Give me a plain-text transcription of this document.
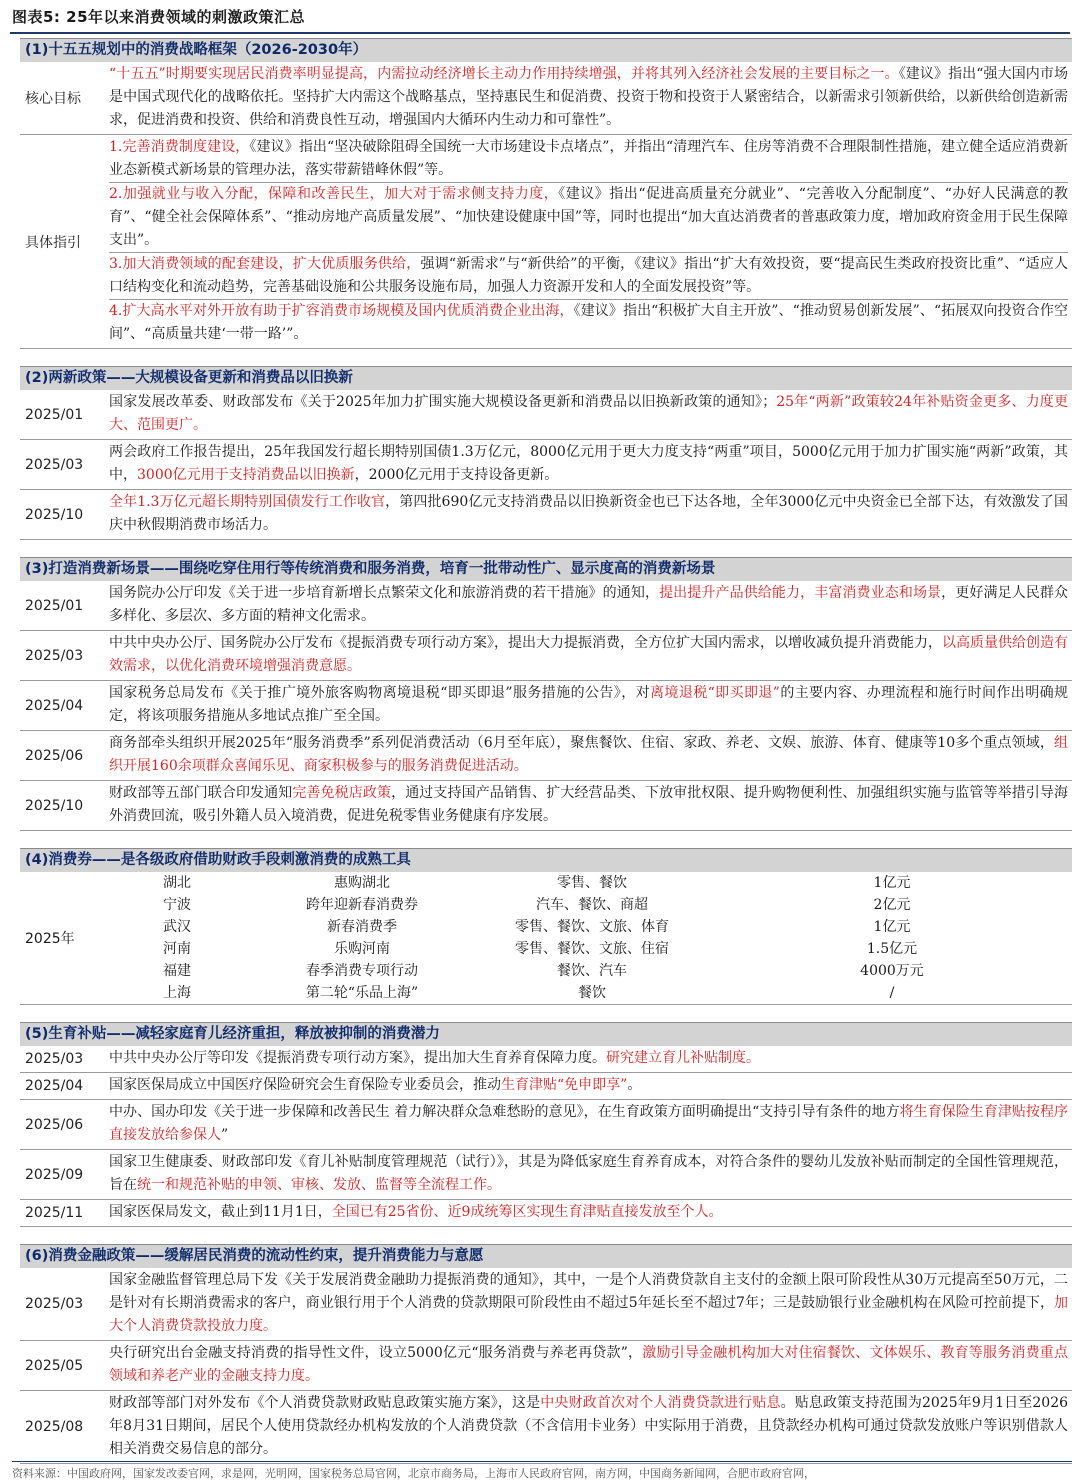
图表5: 25年以来消费领域的刺激政策汇总
(1)十五五规划中的消费战略框架（2026-2030年）
核心目标
“十五五”时期要实现居民消费率明显提高，内需拉动经济增长主动力作用持续增强，并将其列入经济社会发展的主要目标之一。《建议》指出“强大国内市场是中国式现代化的战略依托。坚持扩大内需这个战略基点，坚持惠民生和促消费、投资于物和投资于人紧密结合，以新需求引领新供给，以新供给创造新需求，促进消费和投资、供给和消费良性互动，增强国内大循环内生动力和可靠性”。
具体指引
1.完善消费制度建设，《建议》指出“坚决破除阻碍全国统一大市场建设卡点堵点”，并指出“清理汽车、住房等消费不合理限制性措施，建立健全适应消费新业态新模式新场景的管理办法，落实带薪错峰休假”等。
2.加强就业与收入分配，保障和改善民生，加大对于需求侧支持力度，《建议》指出“促进高质量充分就业”、“完善收入分配制度”、“办好人民满意的教育”、“健全社会保障体系”、“推动房地产高质量发展”、“加快建设健康中国”等，同时也提出“加大直达消费者的普惠政策力度，增加政府资金用于民生保障支出”。
3.加大消费领域的配套建设，扩大优质服务供给，强调“新需求”与“新供给”的平衡，《建议》指出“扩大有效投资，要“提高民生类政府投资比重”、“适应人口结构变化和流动趋势，完善基础设施和公共服务设施布局，加强人力资源开发和人的全面发展投资”等。
4.扩大高水平对外开放有助于扩容消费市场规模及国内优质消费企业出海，《建议》指出“积极扩大自主开放”、“推动贸易创新发展”、“拓展双向投资合作空间”、“高质量共建‘一带一路’”。
(2)两新政策——大规模设备更新和消费品以旧换新
2025/01
国家发展改革委、财政部发布《关于2025年加力扩围实施大规模设备更新和消费品以旧换新政策的通知》；25年“两新”政策较24年补贴资金更多、力度更大、范围更广。
2025/03
两会政府工作报告提出，25年我国发行超长期特别国债1.3万亿元，8000亿元用于更大力度支持“两重”项目，5000亿元用于加力扩围实施“两新”政策，其中，3000亿元用于支持消费品以旧换新，2000亿元用于支持设备更新。
2025/10
全年1.3万亿元超长期特别国债发行工作收官，第四批690亿元支持消费品以旧换新资金也已下达各地，全年3000亿元中央资金已全部下达，有效激发了国庆中秋假期消费市场活力。
(3)打造消费新场景——围绕吃穿住用行等传统消费和服务消费，培育一批带动性广、显示度高的消费新场景
2025/01
国务院办公厅印发《关于进一步培育新增长点繁荣文化和旅游消费的若干措施》的通知，提出提升产品供给能力，丰富消费业态和场景，更好满足人民群众多样化、多层次、多方面的精神文化需求。
2025/03
中共中央办公厅、国务院办公厅发布《提振消费专项行动方案》，提出大力提振消费，全方位扩大国内需求，以增收减负提升消费能力，以高质量供给创造有效需求，以优化消费环境增强消费意愿。
2025/04
国家税务总局发布《关于推广境外旅客购物离境退税“即买即退”服务措施的公告》，对离境退税“即买即退”的主要内容、办理流程和施行时间作出明确规定，将该项服务措施从多地试点推广至全国。
2025/06
商务部牵头组织开展2025年“服务消费季”系列促消费活动（6月至年底），聚焦餐饮、住宿、家政、养老、文娱、旅游、体育、健康等10多个重点领域，组织开展160余项群众喜闻乐见、商家积极参与的服务消费促进活动。
2025/10
财政部等五部门联合印发通知完善免税店政策，通过支持国产品销售、扩大经营品类、下放审批权限、提升购物便利性、加强组织实施与监管等举措引导海外消费回流，吸引外籍人员入境消费，促进免税零售业务健康有序发展。
(4)消费券——是各级政府借助财政手段刺激消费的成熟工具
2025年
湖北	惠购湖北	零售、餐饮	1亿元
宁波	跨年迎新春消费券	汽车、餐饮、商超	2亿元
武汉	新春消费季	零售、餐饮、文旅、体育	1亿元
河南	乐购河南	零售、餐饮、文旅、住宿	1.5亿元
福建	春季消费专项行动	餐饮、汽车	4000万元
上海	第二轮“乐品上海”	餐饮	/
(5)生育补贴——减轻家庭育儿经济重担，释放被抑制的消费潜力
2025/03	中共中央办公厅等印发《提振消费专项行动方案》，提出加大生育养育保障力度。研究建立育儿补贴制度。
2025/04	国家医保局成立中国医疗保险研究会生育保险专业委员会，推动生育津贴“免申即享”。
2025/06
中办、国办印发《关于进一步保障和改善民生 着力解决群众急难愁盼的意见》，在生育政策方面明确提出“支持引导有条件的地方将生育保险生育津贴按程序直接发放给参保人”
2025/09
国家卫生健康委、财政部印发《育儿补贴制度管理规范（试行）》，其是为降低家庭生育养育成本，对符合条件的婴幼儿发放补贴而制定的全国性管理规范，旨在统一和规范补贴的申领、审核、发放、监督等全流程工作。
2025/11	国家医保局发文，截止到11月1日，全国已有25省份、近9成统筹区实现生育津贴直接发放至个人。
(6)消费金融政策——缓解居民消费的流动性约束，提升消费能力与意愿
2025/03
国家金融监督管理总局下发《关于发展消费金融助力提振消费的通知》，其中，一是个人消费贷款自主支付的金额上限可阶段性从30万元提高至50万元，二是针对有长期消费需求的客户，商业银行用于个人消费的贷款期限可阶段性由不超过5年延长至不超过7年；三是鼓励银行业金融机构在风险可控前提下，加大个人消费贷款投放力度。
2025/05
央行研究出台金融支持消费的指导性文件，设立5000亿元“服务消费与养老再贷款”，激励引导金融机构加大对住宿餐饮、文体娱乐、教育等服务消费重点领域和养老产业的金融支持力度。
2025/08
财政部等部门对外发布《个人消费贷款财政贴息政策实施方案》，这是中央财政首次对个人消费贷款进行贴息。贴息政策支持范围为2025年9月1日至2026年8月31日期间，居民个人使用贷款经办机构发放的个人消费贷款（不含信用卡业务）中实际用于消费，且贷款经办机构可通过贷款发放账户等识别借款人相关消费交易信息的部分。
资料来源：中国政府网，国家发改委官网，求是网，光明网，国家税务总局官网，北京市商务局，上海市人民政府官网，南方网，中国商务新闻网，合肥市政府官网，
